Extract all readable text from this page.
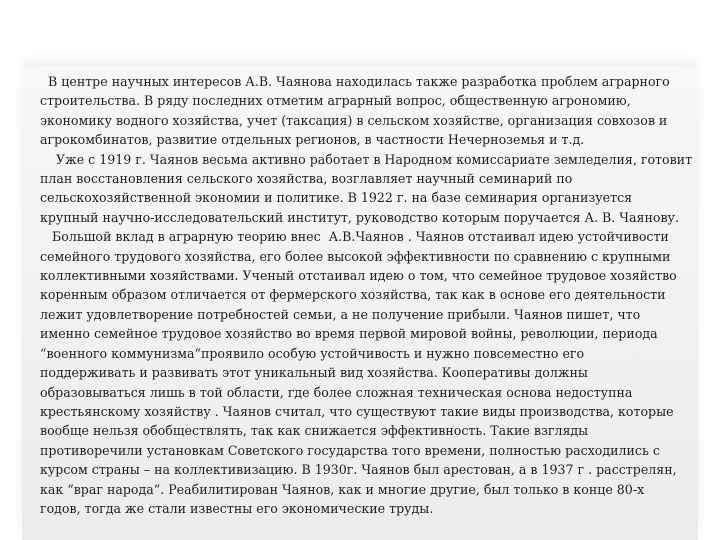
В центре научных интересов А.В. Чаянова находилась также разработка проблем аграрного
строительства. В ряду последних отметим аграрный вопрос, общественную агрономию,
экономику водного хозяйства, учет (таксация) в сельском хозяйстве, организация совхозов и
агрокомбинатов, развитие отдельных регионов, в частности Нечерноземья и т.д.

Уже с 1919 г. Чаянов весьма активно работает в Народном комиссариате земледелия, готовит
план восстановления сельского хозяйства, возглавляет научный семинарий по
сельскохозяйственной экономии и политике. В 1922 г. на базе семинария организуется
крупный научно-исследовательский институт, руководство которым поручается А. В. Чаянову.

Большой вклад в аграрную теорию внес  А.В.Чаянов . Чаянов отстаивал идею устойчивости
семейного трудового хозяйства, его более высокой эффективности по сравнению с крупными
коллективными хозяйствами. Ученый отстаивал идею о том, что семейное трудовое хозяйство
коренным образом отличается от фермерского хозяйства, так как в основе его деятельности
лежит удовлетворение потребностей семьи, а не получение прибыли. Чаянов пишет, что
именно семейное трудовое хозяйство во время первой мировой войны, революции, периода
“военного коммунизма“проявило особую устойчивость и нужно повсеместно его
поддерживать и развивать этот уникальный вид хозяйства. Кооперативы должны
образовываться лишь в той области, где более сложная техническая основа недоступна
крестьянскому хозяйству . Чаянов считал, что существуют такие виды производства, которые
вообще нельзя обобществлять, так как снижается эффективность. Такие взгляды
противоречили установкам Советского государства того времени, полностью расходились с
курсом страны – на коллективизацию. В 1930г. Чаянов был арестован, а в 1937 г . расстрелян,
как “враг народа“. Реабилитирован Чаянов, как и многие другие, был только в конце 80-х
годов, тогда же стали известны его экономические труды.
